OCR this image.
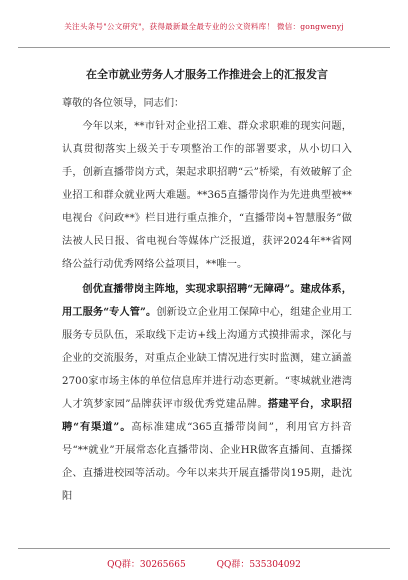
关注头条号"公文研究"，获得最新最全最专业的公文资料库！ 微信：gongwenyj
在全市就业劳务人才服务工作推进会上的汇报发言

尊敬的各位领导，同志们：

今年以来，**市针对企业招工难、群众求职难的现实问题，认真贯彻落实上级关于专项整治工作的部署要求，从小切口入手，创新直播带岗方式，架起求职招聘“云”桥梁，有效破解了企业招工和群众就业两大难题。**365直播带岗作为先进典型被**电视台《问政**》栏目进行重点推介，“直播带岗+智慧服务”做法被人民日报、省电视台等媒体广泛报道，获评2024年**省网络公益行动优秀网络公益项目，**唯一。

创优直播带岗主阵地，实现求职招聘“无障碍”。建成体系，用工服务“专人管”。创新设立企业用工保障中心，组建企业用工服务专员队伍，采取线下走访+线上沟通方式摸排需求，深化与企业的交流服务，对重点企业缺工情况进行实时监测，建立涵盖2700家市场主体的单位信息库并进行动态更新。“枣城就业港湾 人才筑梦家园”品牌获评市级优秀党建品牌。搭建平台，求职招聘“有渠道”。高标准建成“365直播带岗间”，利用官方抖音号“**就业”开展常态化直播带岗、企业HR做客直播间、直播探企、直播进校园等活动。今年以来共开展直播带岗195期，赴沈阳

QQ群：30265665	QQ群：535304092
